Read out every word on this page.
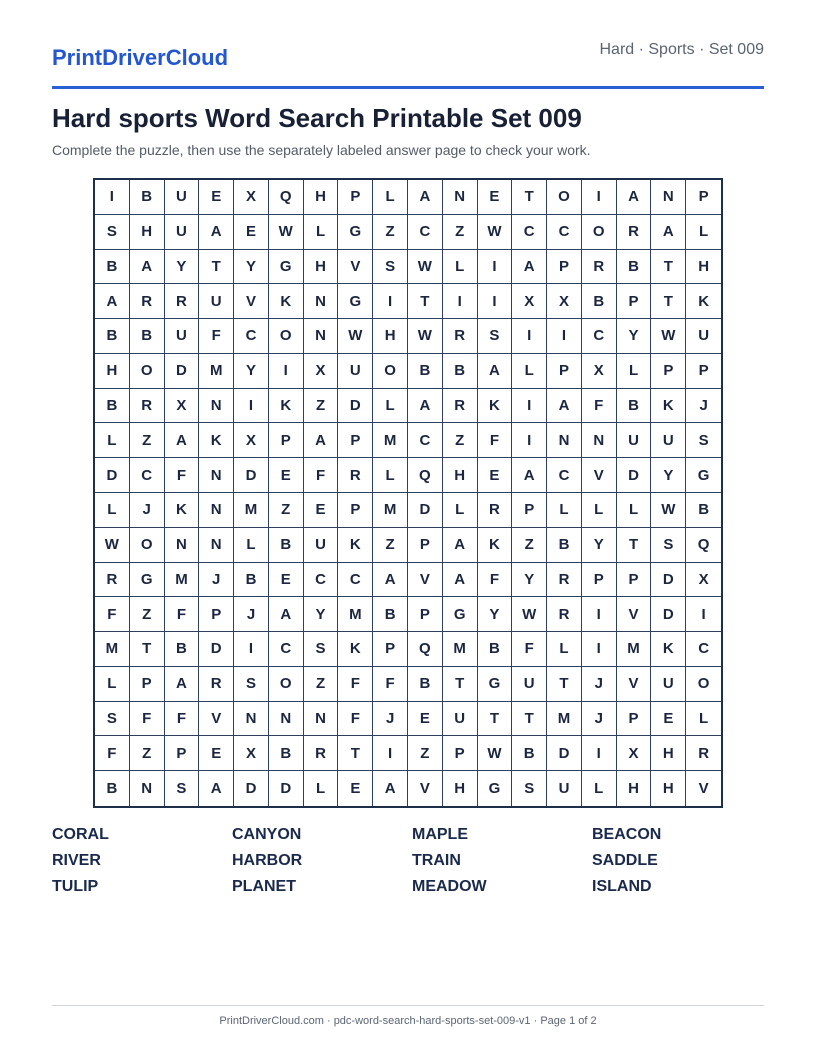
PrintDriverCloud	Hard · Sports · Set 009
Hard sports Word Search Printable Set 009
Complete the puzzle, then use the separately labeled answer page to check your work.
I	B	U	E	X	Q	H	P	L	A	N	E	T	O	I	A	N	P
S	H	U	A	E	W	L	G	Z	C	Z	W	C	C	O	R	A	L
B	A	Y	T	Y	G	H	V	S	W	L	I	A	P	R	B	T	H
A	R	R	U	V	K	N	G	I	T	I	I	X	X	B	P	T	K
B	B	U	F	C	O	N	W	H	W	R	S	I	I	C	Y	W	U
H	O	D	M	Y	I	X	U	O	B	B	A	L	P	X	L	P	P
B	R	X	N	I	K	Z	D	L	A	R	K	I	A	F	B	K	J
L	Z	A	K	X	P	A	P	M	C	Z	F	I	N	N	U	U	S
D	C	F	N	D	E	F	R	L	Q	H	E	A	C	V	D	Y	G
L	J	K	N	M	Z	E	P	M	D	L	R	P	L	L	L	W	B
W	O	N	N	L	B	U	K	Z	P	A	K	Z	B	Y	T	S	Q
R	G	M	J	B	E	C	C	A	V	A	F	Y	R	P	P	D	X
F	Z	F	P	J	A	Y	M	B	P	G	Y	W	R	I	V	D	I
M	T	B	D	I	C	S	K	P	Q	M	B	F	L	I	M	K	C
L	P	A	R	S	O	Z	F	F	B	T	G	U	T	J	V	U	O
S	F	F	V	N	N	N	F	J	E	U	T	T	M	J	P	E	L
F	Z	P	E	X	B	R	T	I	Z	P	W	B	D	I	X	H	R
B	N	S	A	D	D	L	E	A	V	H	G	S	U	L	H	H	V
CORAL	CANYON	MAPLE	BEACON
RIVER	HARBOR	TRAIN	SADDLE
TULIP	PLANET	MEADOW	ISLAND
PrintDriverCloud.com · pdc-word-search-hard-sports-set-009-v1 · Page 1 of 2
